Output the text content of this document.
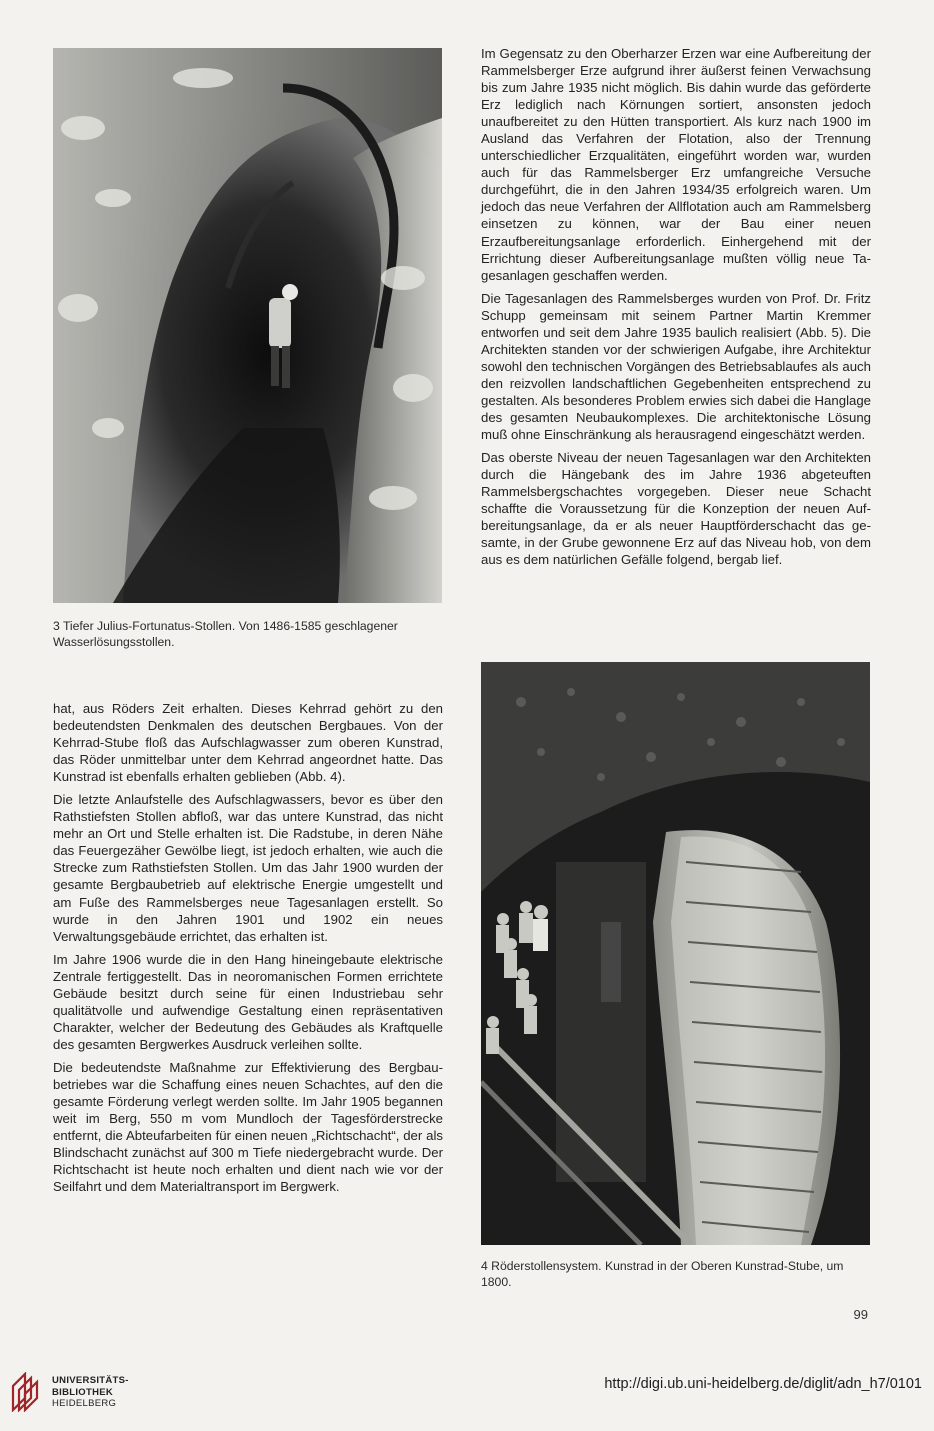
3 Tiefer Julius-Fortunatus-Stollen. Von 1486-1585 geschlagener Wasserlösungsstollen.

Im Gegensatz zu den Oberharzer Erzen war eine Aufbereitung der Rammelsberger Erze aufgrund ihrer äußerst feinen Verwachsung bis zum Jahre 1935 nicht möglich. Bis dahin wurde das geförderte Erz lediglich nach Körnungen sortiert, ansonsten jedoch unaufbereitet zu den Hütten transportiert. Als kurz nach 1900 im Ausland das Verfahren der Flotation, also der Trennung unterschiedlicher Erzqualitäten, eingeführt worden war, wurden auch für das Rammelsberger Erz umfangreiche Versuche durchgeführt, die in den Jahren 1934/35 erfolgreich waren. Um jedoch das neue Verfahren der Allflotation auch am Rammelsberg einsetzen zu können, war der Bau einer neuen Erzaufbereitungsanlage erforderlich. Einhergehend mit der Errichtung dieser Aufbereitungsanlage mußten völlig neue Tagesanlagen geschaffen werden.

Die Tagesanlagen des Rammelsberges wurden von Prof. Dr. Fritz Schupp gemeinsam mit seinem Partner Martin Kremmer entworfen und seit dem Jahre 1935 baulich realisiert (Abb. 5). Die Architekten standen vor der schwierigen Aufgabe, ihre Architektur sowohl den technischen Vorgängen des Betriebsablaufes als auch den reizvollen landschaftlichen Gegebenheiten entsprechend zu gestalten. Als besonderes Problem erwies sich dabei die Hanglage des gesamten Neubaukomplexes. Die architektonische Lösung muß ohne Einschränkung als herausragend eingeschätzt werden.

Das oberste Niveau der neuen Tagesanlagen war den Architekten durch die Hängebank des im Jahre 1936 abgeteuften Rammelsbergschachtes vorgegeben. Dieser neue Schacht schaffte die Voraussetzung für die Konzeption der neuen Aufbereitungsanlage, da er als neuer Hauptförderschacht das gesamte, in der Grube gewonnene Erz auf das Niveau hob, von dem aus es dem natürlichen Gefälle folgend, bergab lief.

hat, aus Röders Zeit erhalten. Dieses Kehrrad gehört zu den bedeutendsten Denkmalen des deutschen Bergbaues. Von der Kehrrad-Stube floß das Aufschlagwasser zum oberen Kunstrad, das Röder unmittelbar unter dem Kehrrad angeordnet hatte. Das Kunstrad ist ebenfalls erhalten geblieben (Abb. 4).

Die letzte Anlaufstelle des Aufschlagwassers, bevor es über den Rathstiefsten Stollen abfloß, war das untere Kunstrad, das nicht mehr an Ort und Stelle erhalten ist. Die Radstube, in deren Nähe das Feuergezäher Gewölbe liegt, ist jedoch erhalten, wie auch die Strecke zum Rathstiefsten Stollen. Um das Jahr 1900 wurden der gesamte Bergbaubetrieb auf elektrische Energie umgestellt und am Fuße des Rammelsberges neue Tagesanlagen erstellt. So wurde in den Jahren 1901 und 1902 ein neues Verwaltungsgebäude errichtet, das erhalten ist.

Im Jahre 1906 wurde die in den Hang hineingebaute elektrische Zentrale fertiggestellt. Das in neoromanischen Formen errichtete Gebäude besitzt durch seine für einen Industriebau sehr qualitätvolle und aufwendige Gestaltung einen repräsentativen Charakter, welcher der Bedeutung des Gebäudes als Kraftquelle des gesamten Bergwerkes Ausdruck verleihen sollte.

Die bedeutendste Maßnahme zur Effektivierung des Bergbaubetriebes war die Schaffung eines neuen Schachtes, auf den die gesamte Förderung verlegt werden sollte. Im Jahr 1905 begannen weit im Berg, 550 m vom Mundloch der Tagesförderstrecke entfernt, die Abteufarbeiten für einen neuen „Richtschacht“, der als Blindschacht zunächst auf 300 m Tiefe niedergebracht wurde. Der Richtschacht ist heute noch erhalten und dient nach wie vor der Seilfahrt und dem Materialtransport im Bergwerk.

4 Röderstollensystem. Kunstrad in der Oberen Kunstrad-Stube, um 1800.

99
UNIVERSITÄTS-
BIBLIOTHEK
HEIDELBERG
http://digi.ub.uni-heidelberg.de/diglit/adn_h7/0101
